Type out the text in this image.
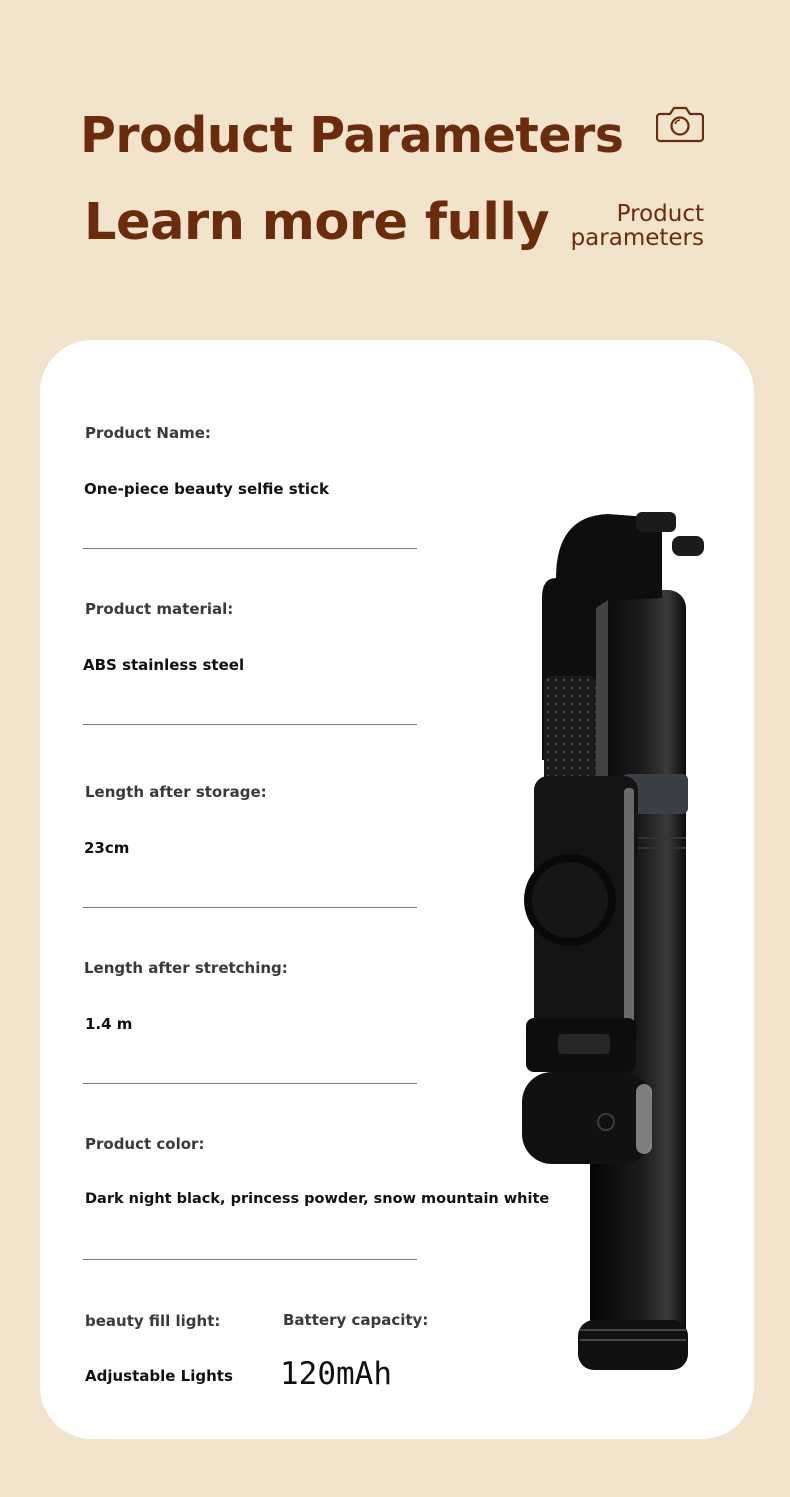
Product Parameters
Learn more fully	Product parameters
Product Name:
One-piece beauty selfie stick
Product material:
ABS stainless steel
Length after storage:
23cm
Length after stretching:
1.4 m
Product color:
Dark night black, princess powder, snow mountain white
beauty fill light:
Adjustable Lights
Battery capacity:
120mAh
